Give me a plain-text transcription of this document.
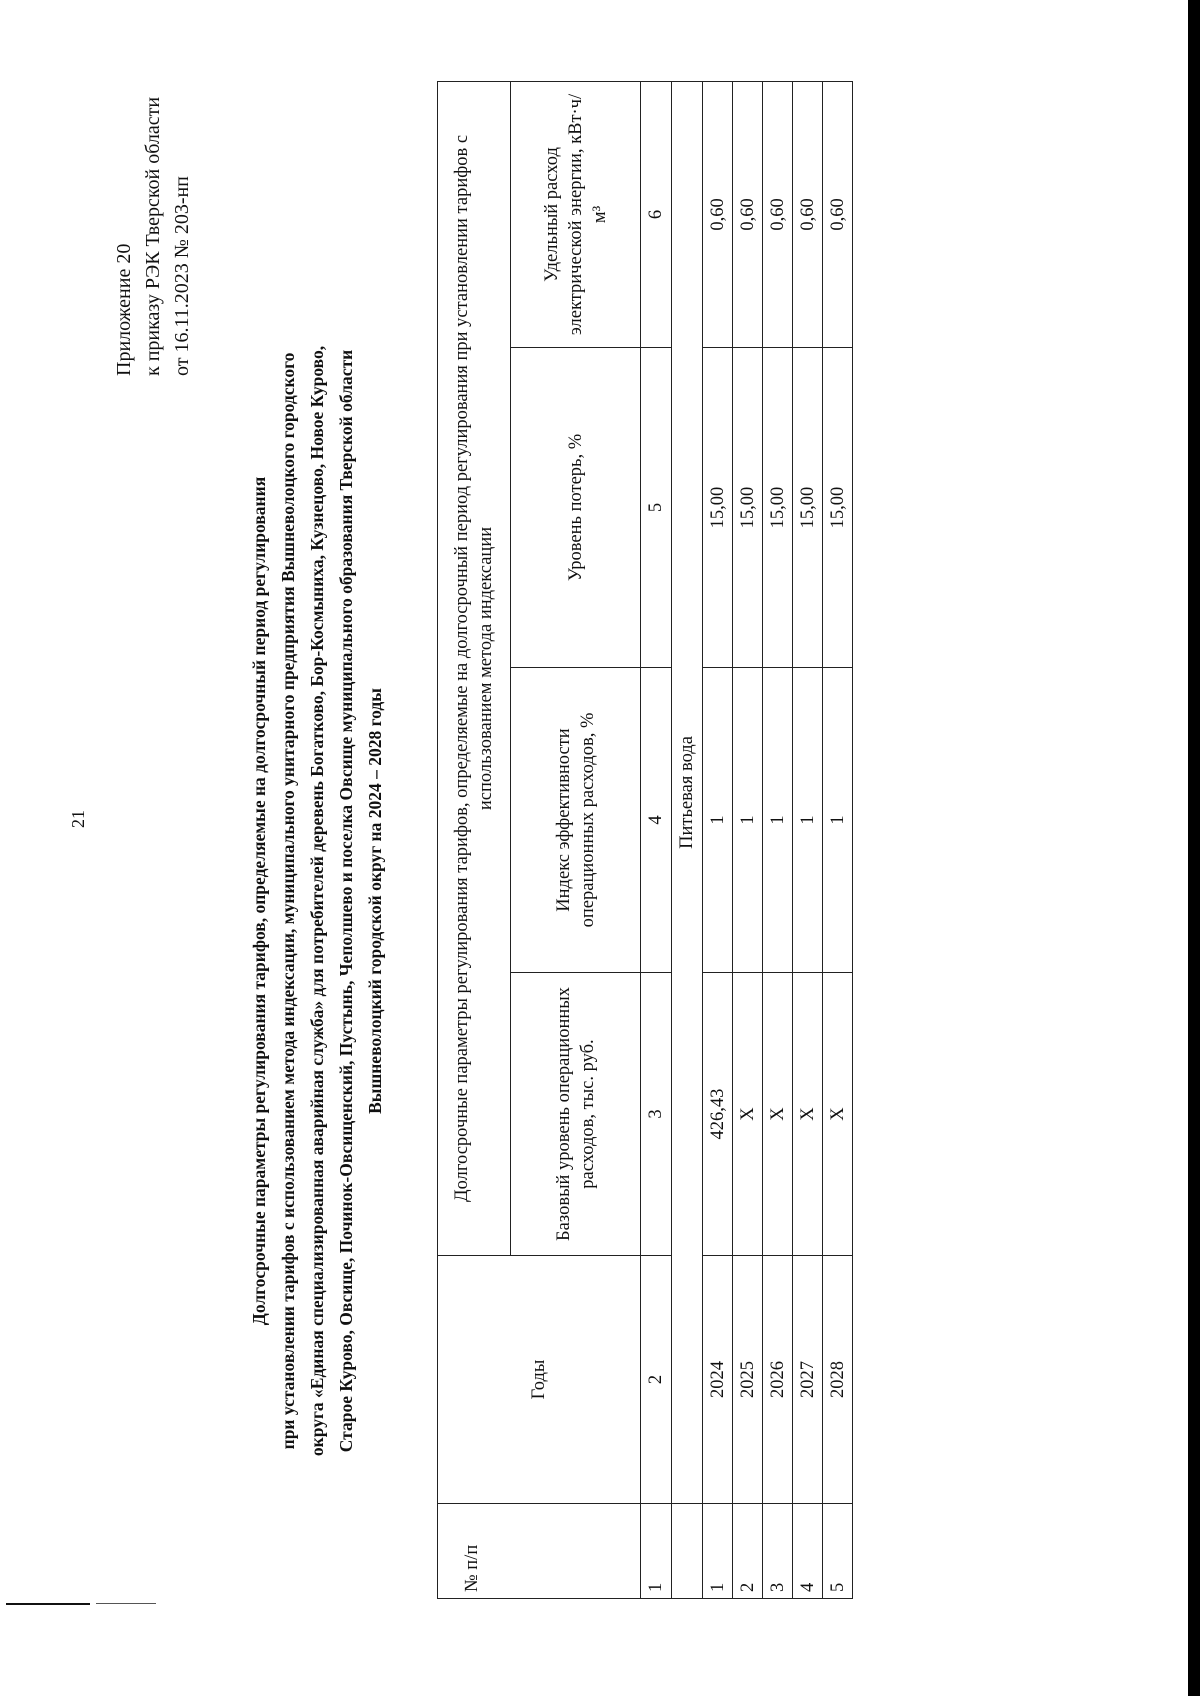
21
Приложение 20 к приказу РЭК Тверской области от 16.11.2023 № 203-нп
Долгосрочные параметры регулирования тарифов, определяемые на долгосрочный период регулирования при установлении тарифов с использованием метода индексации, муниципального унитарного предприятия Вышневолоцкого городского округа «Единая специализированная аварийная служба» для потребителей деревень Богатково, Бор-Космыниха, Кузнецово, Новое Курово, Старое Курово, Овсище, Починок-Овсищенский, Пустынь, Чеполшево и поселка Овсище муниципального образования Тверской области Вышневолоцкий городской округ на 2024 – 2028 годы
№ п/п	Годы	Долгосрочные параметры регулирования тарифов, определяемые на долгосрочный период регулирования при установлении тарифов с использованием метода индексации			
		Базовый уровень операционных расходов, тыс. руб.	Индекс эффективности операционных расходов, %	Уровень потерь, %	Удельный расход электрической энергии, кВт·ч/м³
1	2	3	4	5	6
	Питьевая вода				
1	2024	426,43	1	15,00	0,60
2	2025	X	1	15,00	0,60
3	2026	X	1	15,00	0,60
4	2027	X	1	15,00	0,60
5	2028	X	1	15,00	0,60
